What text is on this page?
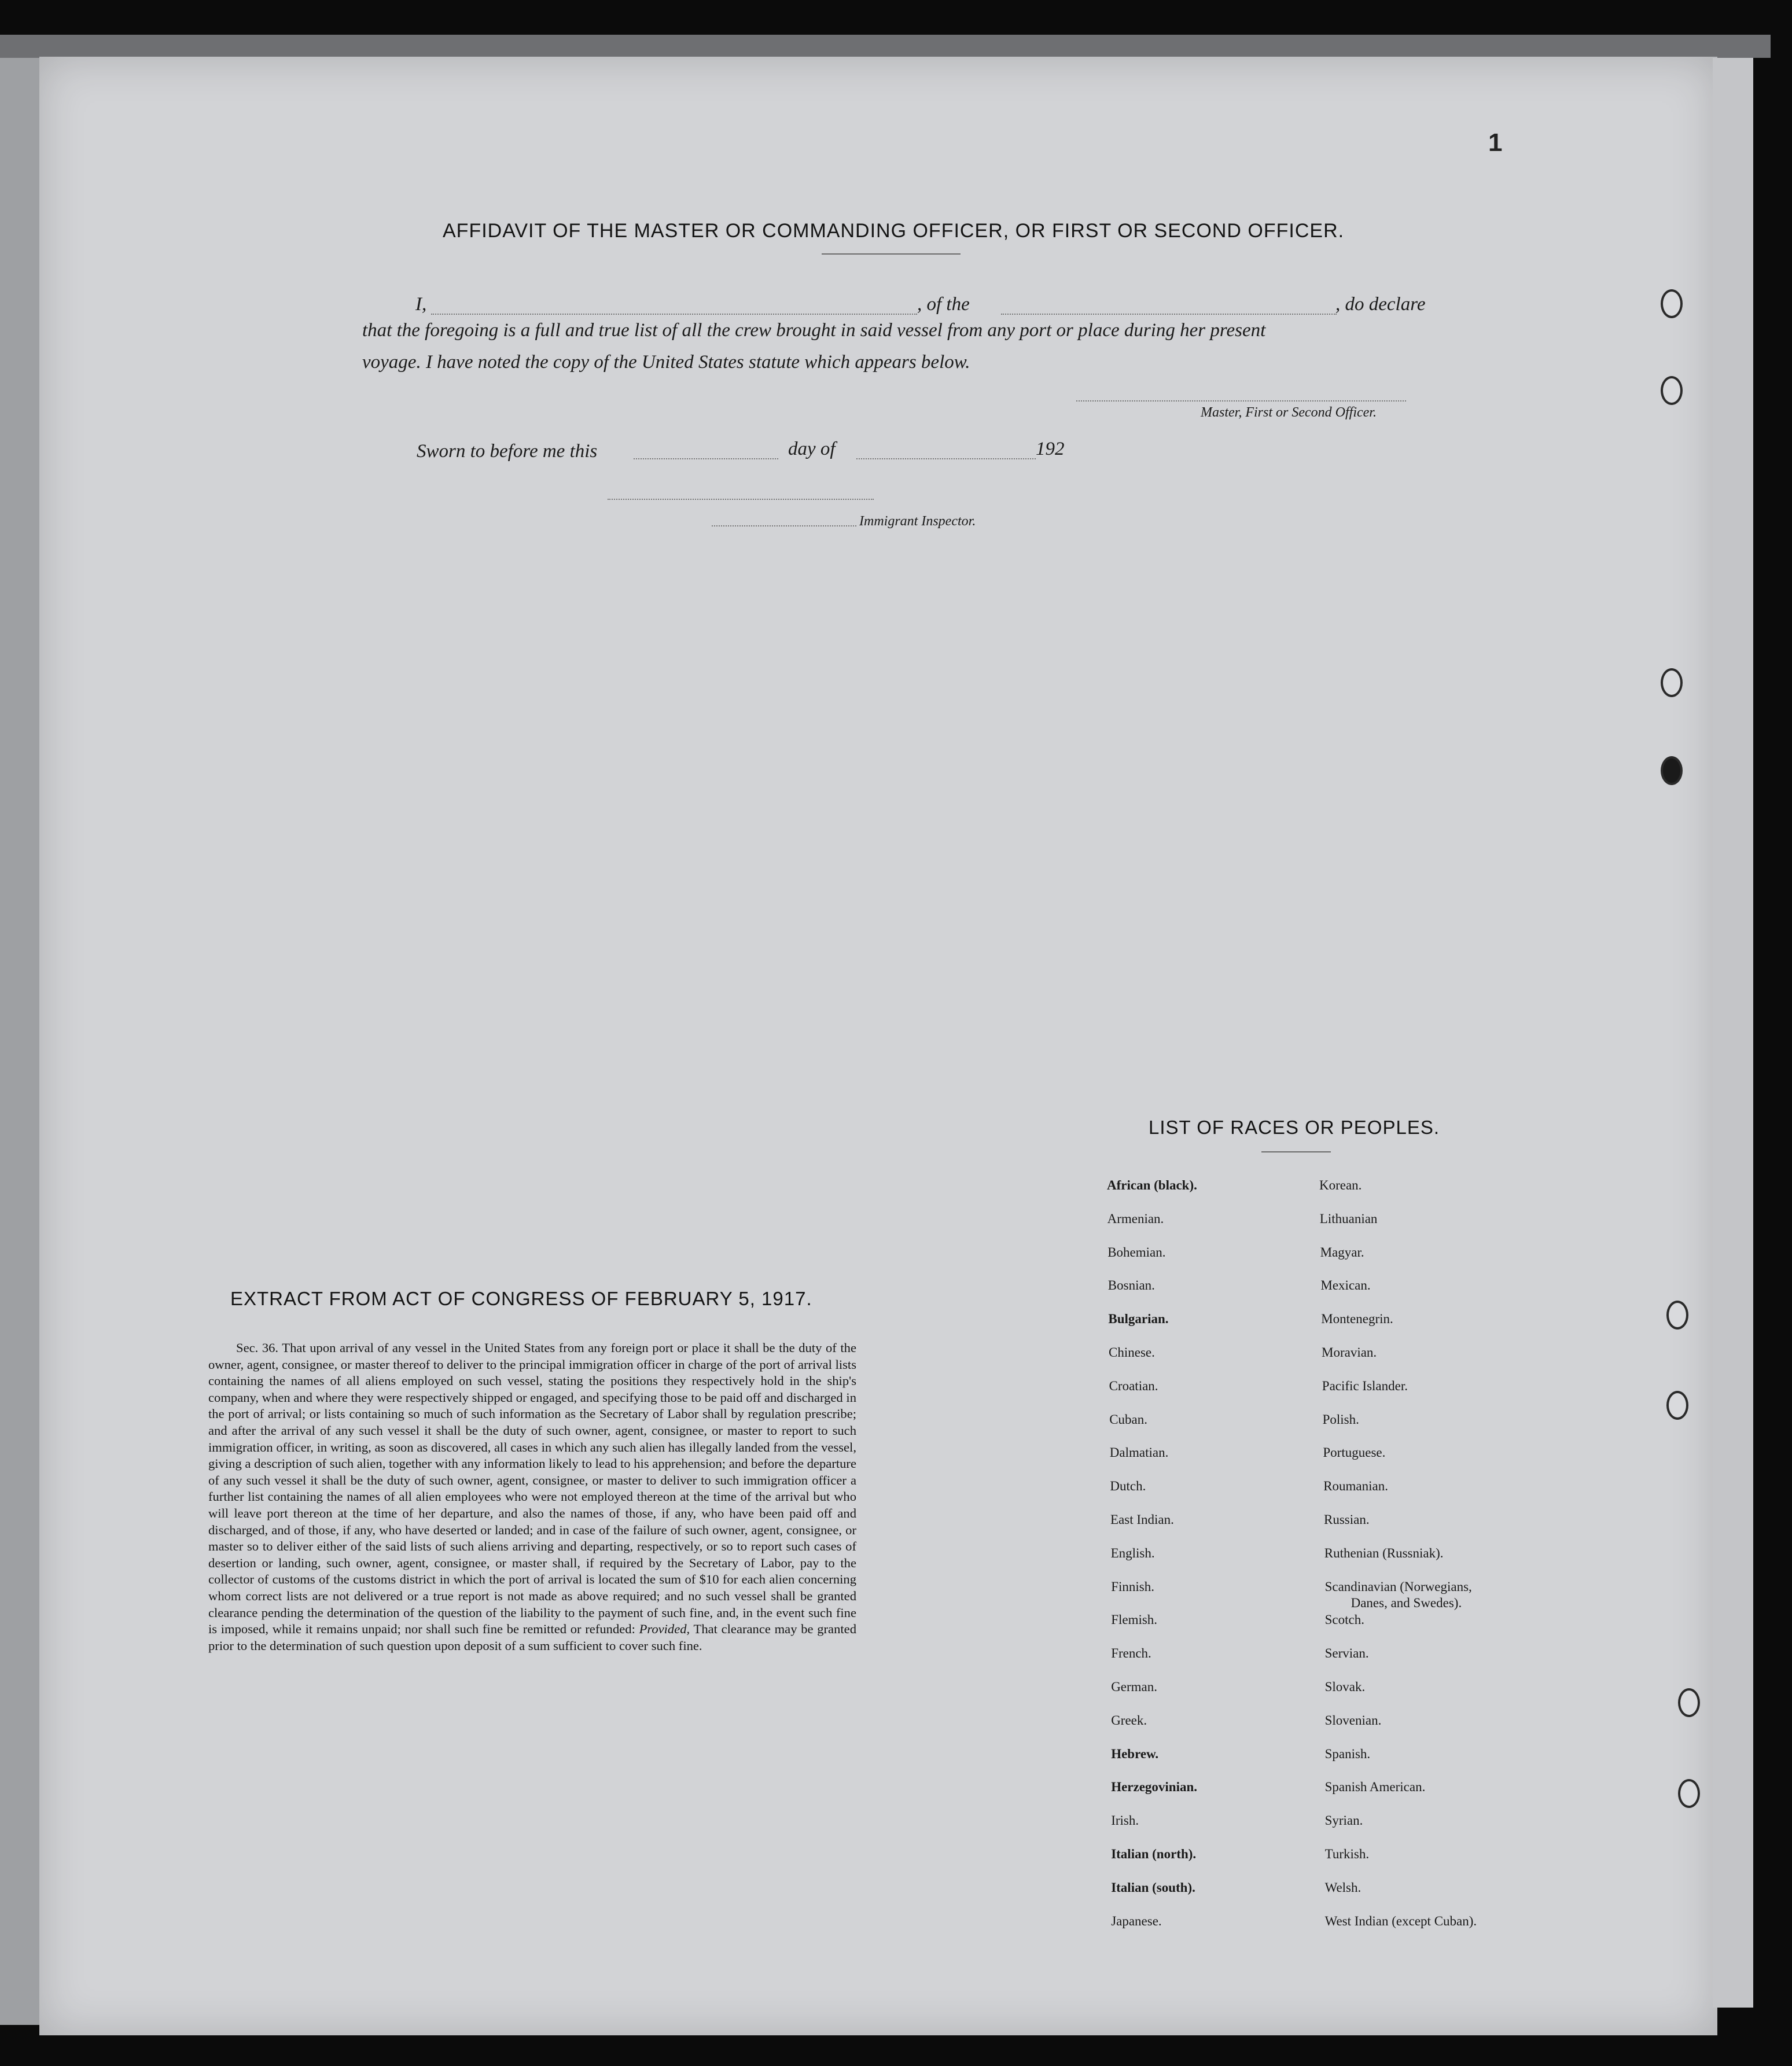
1
AFFIDAVIT OF THE MASTER OR COMMANDING OFFICER, OR FIRST OR SECOND OFFICER.
I,	, of the	, do declare
that the foregoing is a full and true list of all the crew brought in said vessel from any port or place during her present
voyage. I have noted the copy of the United States statute which appears below.
Master, First or Second Officer.
Sworn to before me this	day of	192
Immigrant Inspector.
EXTRACT FROM ACT OF CONGRESS OF FEBRUARY 5, 1917.
Sec. 36. That upon arrival of any vessel in the United States from any foreign port or place it shall be the duty of the owner, agent, consignee, or master thereof to deliver to the principal immigration officer in charge of the port of arrival lists containing the names of all aliens employed on such vessel, stating the positions they respectively hold in the ship's company, when and where they were respectively shipped or engaged, and specifying those to be paid off and discharged in the port of arrival; or lists containing so much of such information as the Secretary of Labor shall by regulation prescribe; and after the arrival of any such vessel it shall be the duty of such owner, agent, consignee, or master to report to such immigration officer, in writing, as soon as discovered, all cases in which any such alien has illegally landed from the vessel, giving a description of such alien, together with any information likely to lead to his apprehension; and before the departure of any such vessel it shall be the duty of such owner, agent, consignee, or master to deliver to such immigration officer a further list containing the names of all alien employees who were not employed thereon at the time of the arrival but who will leave port thereon at the time of her departure, and also the names of those, if any, who have been paid off and discharged, and of those, if any, who have deserted or landed; and in case of the failure of such owner, agent, consignee, or master so to deliver either of the said lists of such aliens arriving and departing, respectively, or so to report such cases of desertion or landing, such owner, agent, consignee, or master shall, if required by the Secretary of Labor, pay to the collector of customs of the customs district in which the port of arrival is located the sum of $10 for each alien concerning whom correct lists are not delivered or a true report is not made as above required; and no such vessel shall be granted clearance pending the determination of the question of the liability to the payment of such fine, and, in the event such fine is imposed, while it remains unpaid; nor shall such fine be remitted or refunded: Provided, That clearance may be granted prior to the determination of such question upon deposit of a sum sufficient to cover such fine.
LIST OF RACES OR PEOPLES.
African (black).
Armenian.
Bohemian.
Bosnian.
Bulgarian.
Chinese.
Croatian.
Cuban.
Dalmatian.
Dutch.
East Indian.
English.
Finnish.
Flemish.
French.
German.
Greek.
Hebrew.
Herzegovinian.
Irish.
Italian (north).
Italian (south).
Japanese.
Korean.
Lithuanian
Magyar.
Mexican.
Montenegrin.
Moravian.
Pacific Islander.
Polish.
Portuguese.
Roumanian.
Russian.
Ruthenian (Russniak).
Scandinavian (Norwegians,
Danes, and Swedes).
Scotch.
Servian.
Slovak.
Slovenian.
Spanish.
Spanish American.
Syrian.
Turkish.
Welsh.
West Indian (except Cuban).
